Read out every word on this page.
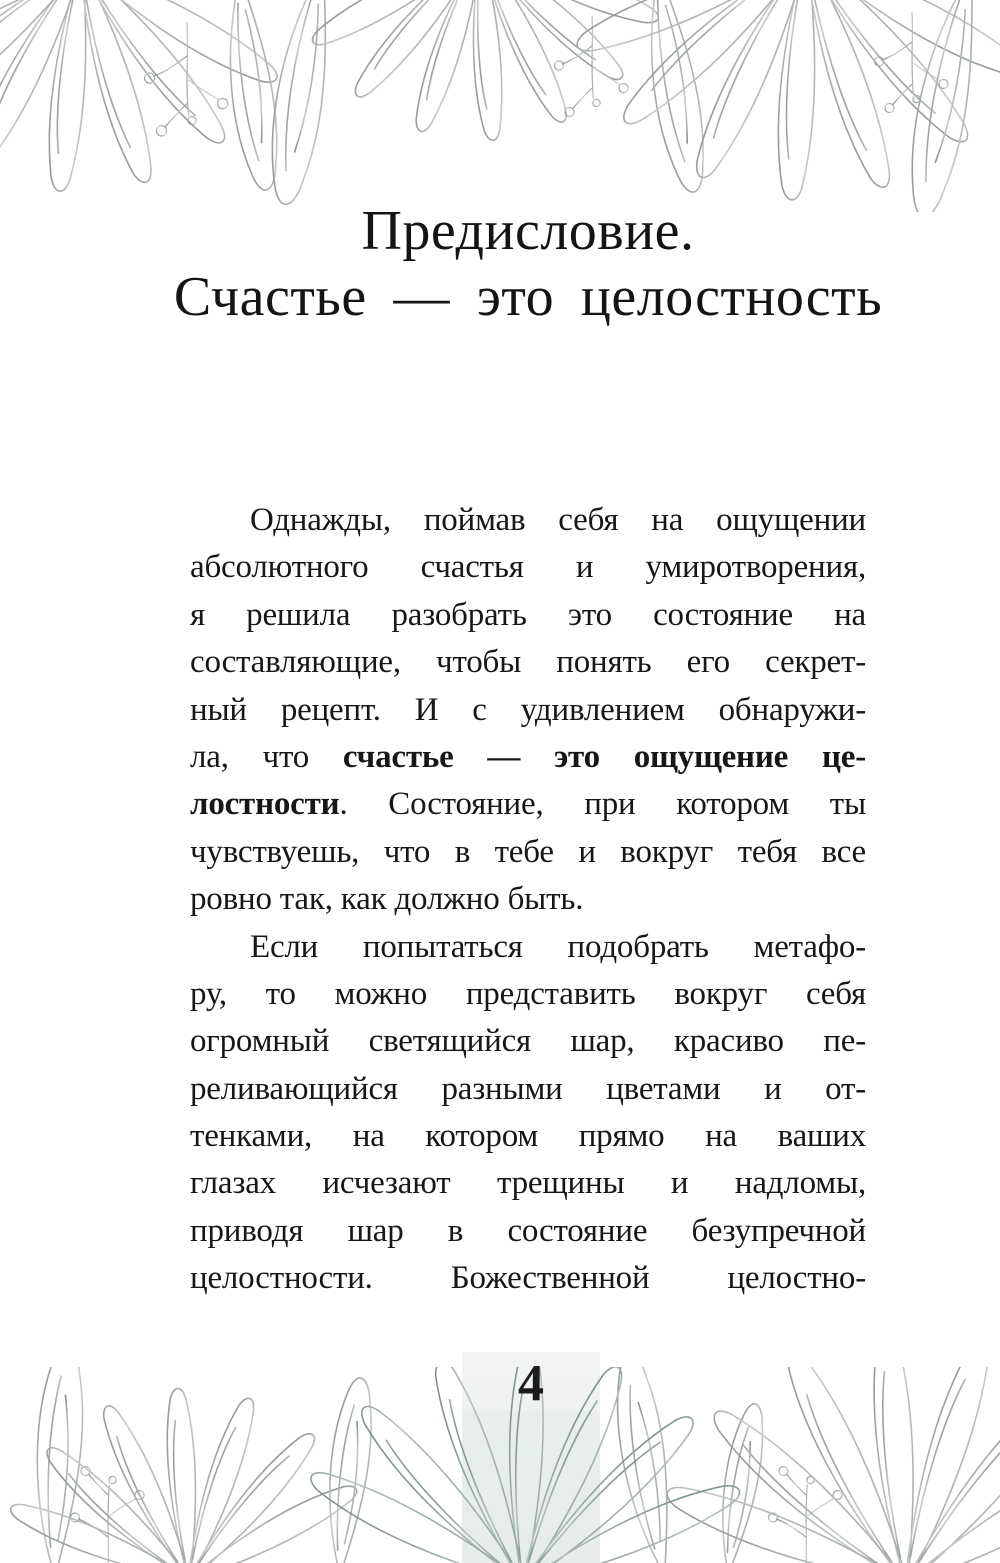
Предисловие.
Счастье — это целостность
Однажды, поймав себя на ощущении
абсолютного счастья и умиротворения,
я решила разобрать это состояние на
составляющие, чтобы понять его секрет-
ный рецепт. И с удивлением обнаружи-
ла, что счастье — это ощущение це-
лостности. Состояние, при котором ты
чувствуешь, что в тебе и вокруг тебя все
ровно так, как должно быть.
Если попытаться подобрать метафо-
ру, то можно представить вокруг себя
огромный светящийся шар, красиво пе-
реливающийся разными цветами и от-
тенками, на котором прямо на ваших
глазах исчезают трещины и надломы,
приводя шар в состояние безупречной
целостности. Божественной целостно-
4
